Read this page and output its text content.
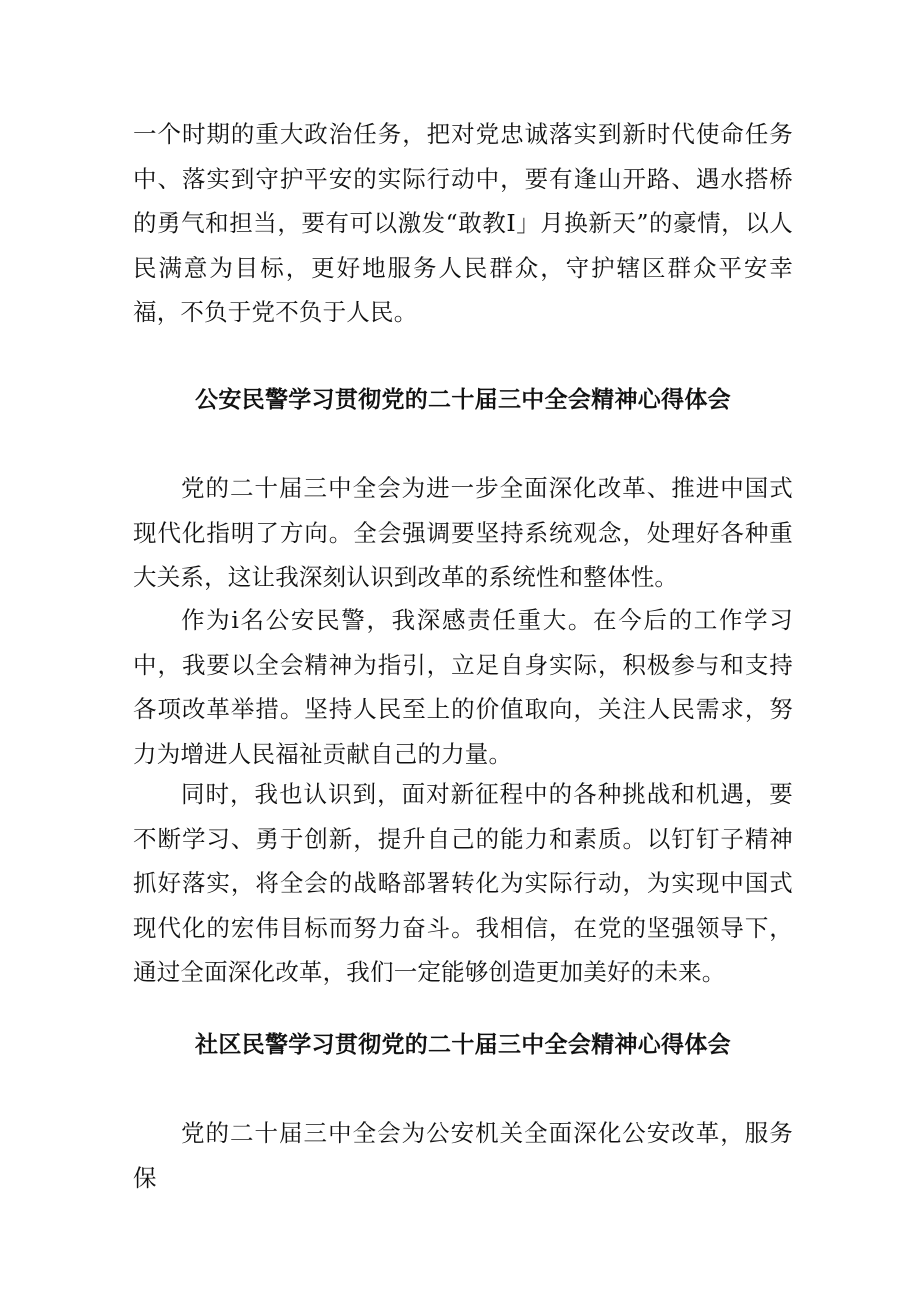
一个时期的重大政治任务，把对党忠诚落实到新时代使命任务中、落实到守护平安的实际行动中，要有逢山开路、遇水搭桥的勇气和担当，要有可以激发“敢教Ⅰ」月换新天”的豪情，以人民满意为目标，更好地服务人民群众，守护辖区群众平安幸福，不负于党不负于人民。

公安民警学习贯彻党的二十届三中全会精神心得体会

党的二十届三中全会为进一步全面深化改革、推进中国式现代化指明了方向。全会强调要坚持系统观念，处理好各种重大关系，这让我深刻认识到改革的系统性和整体性。

作为i名公安民警，我深感责任重大。在今后的工作学习中，我要以全会精神为指引，立足自身实际，积极参与和支持各项改革举措。坚持人民至上的价值取向，关注人民需求，努力为增进人民福祉贡献自己的力量。

同时，我也认识到，面对新征程中的各种挑战和机遇，要不断学习、勇于创新，提升自己的能力和素质。以钉钉子精神抓好落实，将全会的战略部署转化为实际行动，为实现中国式现代化的宏伟目标而努力奋斗。我相信，在党的坚强领导下，通过全面深化改革，我们一定能够创造更加美好的未来。

社区民警学习贯彻党的二十届三中全会精神心得体会

党的二十届三中全会为公安机关全面深化公安改革，服务保
